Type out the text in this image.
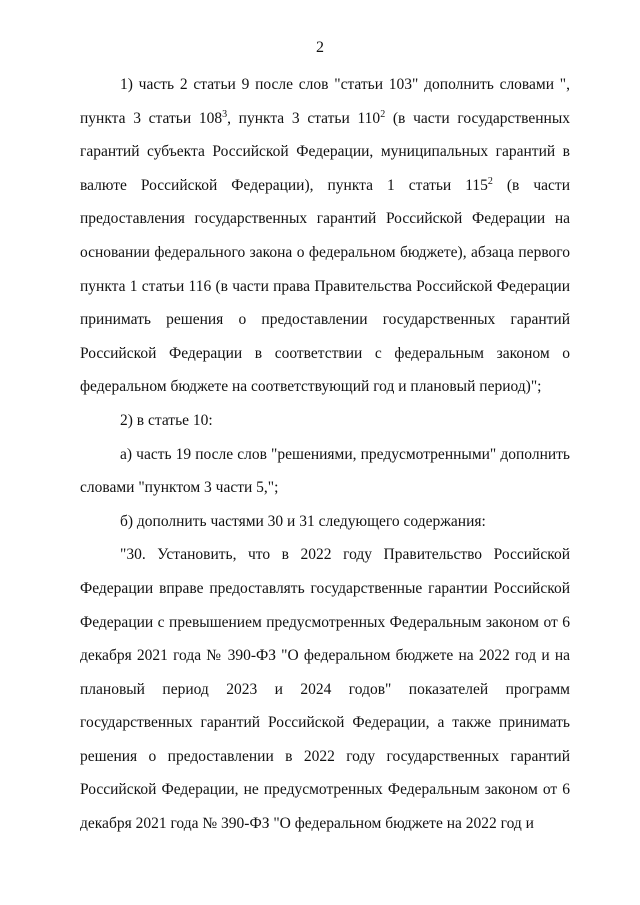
2

1) часть 2 статьи 9 после слов "статьи 103" дополнить словами ", пункта 3 статьи $108^3$, пункта 3 статьи $110^2$ (в части государственных гарантий субъекта Российской Федерации, муниципальных гарантий в валюте Российской Федерации), пункта 1 статьи $115^2$ (в части предоставления государственных гарантий Российской Федерации на основании федерального закона о федеральном бюджете), абзаца первого пункта 1 статьи 116 (в части права Правительства Российской Федерации принимать решения о предоставлении государственных гарантий Российской Федерации в соответствии с федеральным законом о федеральном бюджете на соответствующий год и плановый период)";

2) в статье 10:

а) часть 19 после слов "решениями, предусмотренными" дополнить словами "пунктом 3 части 5,";

б) дополнить частями 30 и 31 следующего содержания:

"30. Установить, что в 2022 году Правительство Российской Федерации вправе предоставлять государственные гарантии Российской Федерации с превышением предусмотренных Федеральным законом от 6 декабря 2021 года № 390-ФЗ "О федеральном бюджете на 2022 год и на плановый период 2023 и 2024 годов" показателей программ государственных гарантий Российской Федерации, а также принимать решения о предоставлении в 2022 году государственных гарантий Российской Федерации, не предусмотренных Федеральным законом от 6 декабря 2021 года № 390-ФЗ "О федеральном бюджете на 2022 год и
